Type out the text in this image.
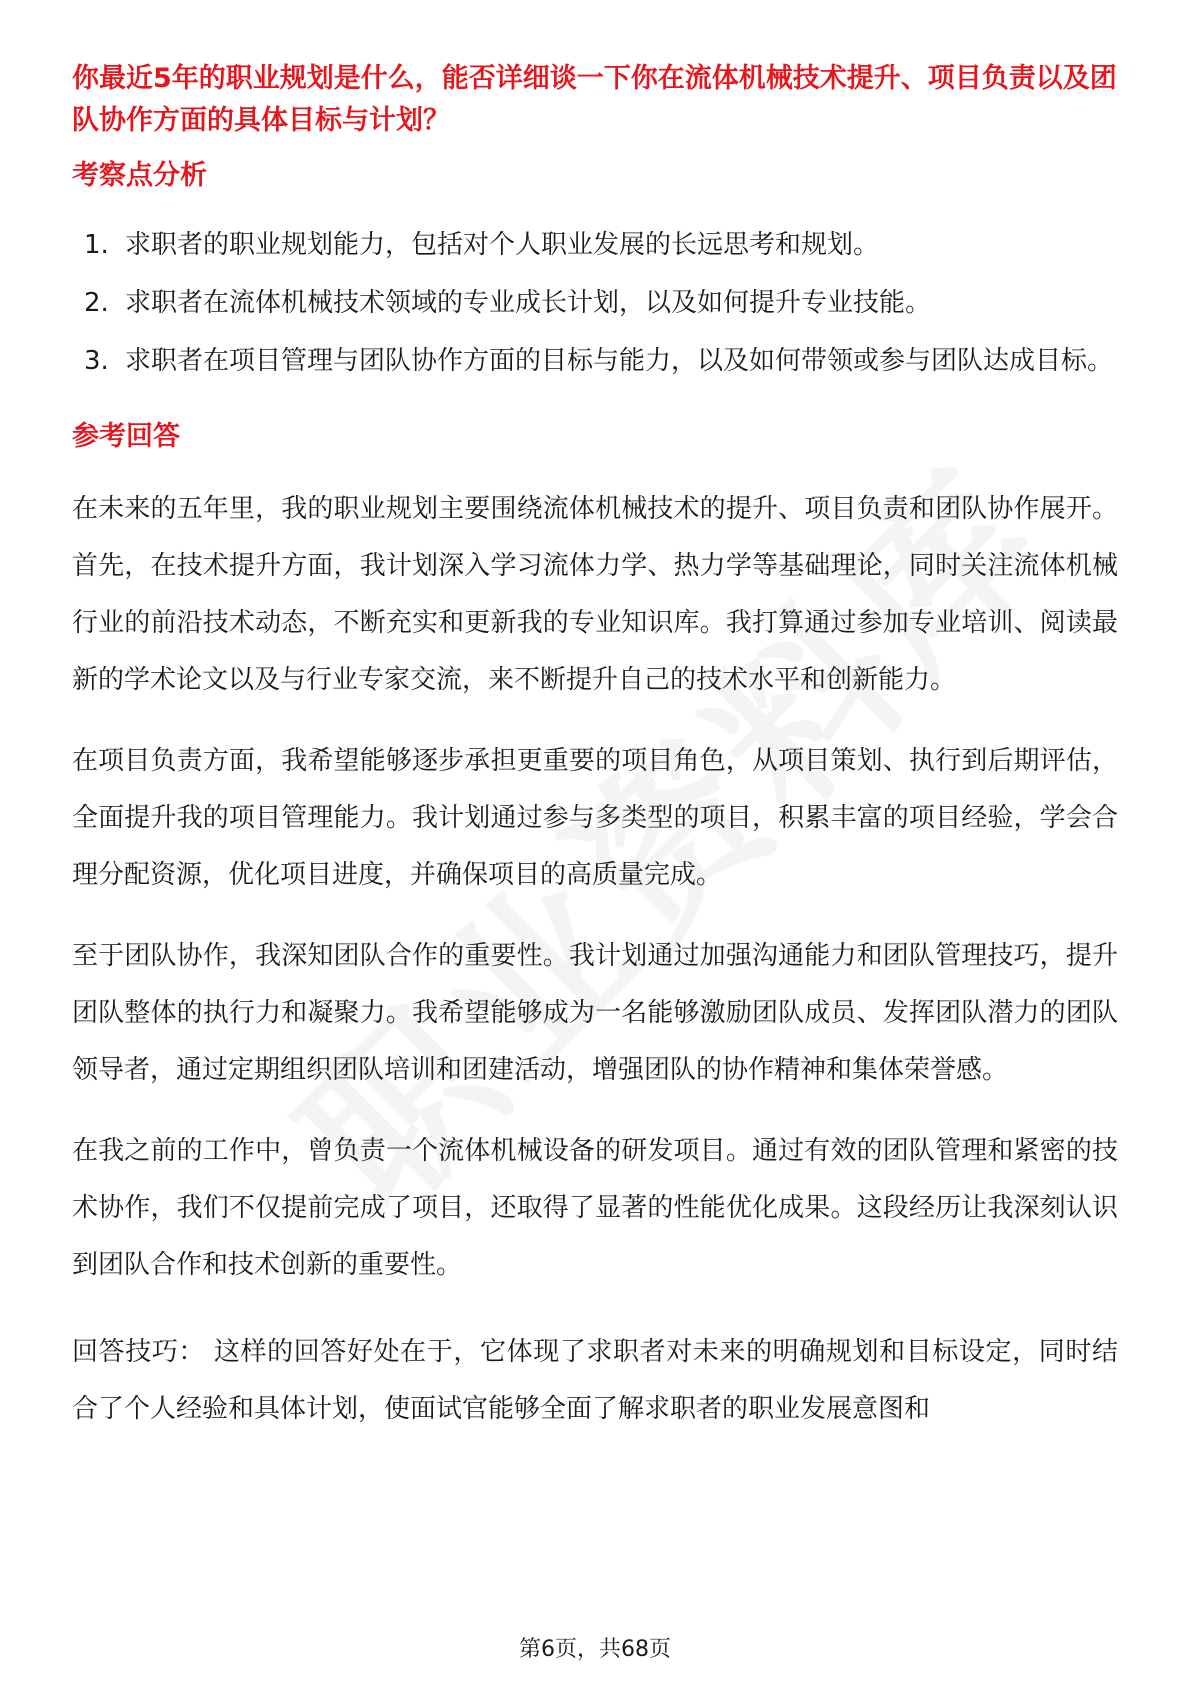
你最近5年的职业规划是什么，能否详细谈一下你在流体机械技术提升、项目负责以及团队协作方面的具体目标与计划？

考察点分析
1. 求职者的职业规划能力，包括对个人职业发展的长远思考和规划。
2. 求职者在流体机械技术领域的专业成长计划，以及如何提升专业技能。
3. 求职者在项目管理与团队协作方面的目标与能力，以及如何带领或参与团队达成目标。
参考回答

在未来的五年里，我的职业规划主要围绕流体机械技术的提升、项目负责和团队协作展开。首先，在技术提升方面，我计划深入学习流体力学、热力学等基础理论，同时关注流体机械行业的前沿技术动态，不断充实和更新我的专业知识库。我打算通过参加专业培训、阅读最新的学术论文以及与行业专家交流，来不断提升自己的技术水平和创新能力。

在项目负责方面，我希望能够逐步承担更重要的项目角色，从项目策划、执行到后期评估，全面提升我的项目管理能力。我计划通过参与多类型的项目，积累丰富的项目经验，学会合理分配资源，优化项目进度，并确保项目的高质量完成。

至于团队协作，我深知团队合作的重要性。我计划通过加强沟通能力和团队管理技巧，提升团队整体的执行力和凝聚力。我希望能够成为一名能够激励团队成员、发挥团队潜力的团队领导者，通过定期组织团队培训和团建活动，增强团队的协作精神和集体荣誉感。

在我之前的工作中，曾负责一个流体机械设备的研发项目。通过有效的团队管理和紧密的技术协作，我们不仅提前完成了项目，还取得了显著的性能优化成果。这段经历让我深刻认识到团队合作和技术创新的重要性。

回答技巧： 这样的回答好处在于，它体现了求职者对未来的明确规划和目标设定，同时结合了个人经验和具体计划，使面试官能够全面了解求职者的职业发展意图和

第6页，共68页
